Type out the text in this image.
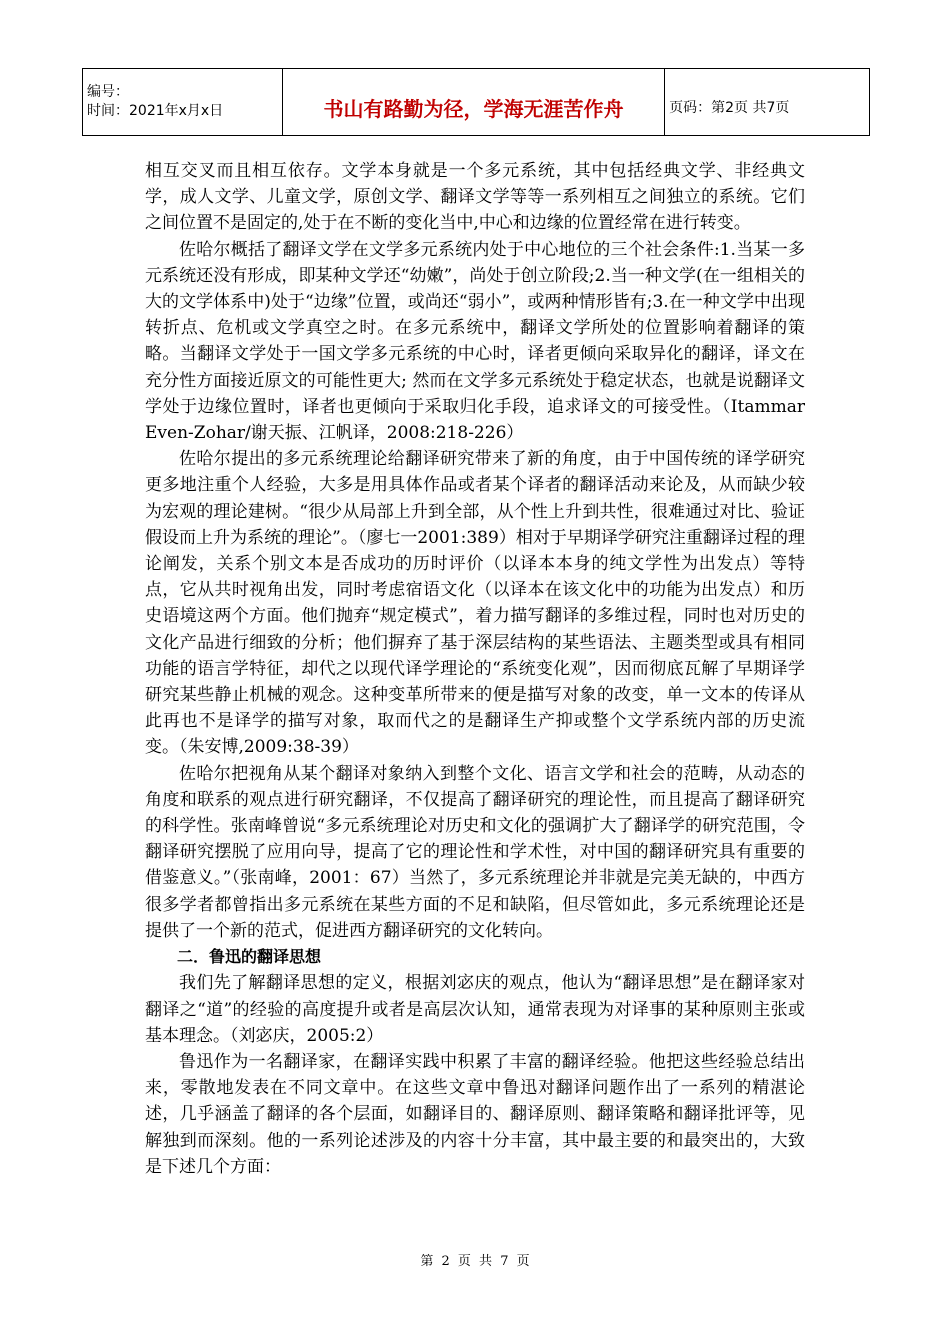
编号：
时间：2021年x月x日	书山有路勤为径，学海无涯苦作舟	页码：第2页 共7页

相互交叉而且相互依存。文学本身就是一个多元系统，其中包括经典文学、非经典文学，成人文学、儿童文学，原创文学、翻译文学等等一系列相互之间独立的系统。它们之间位置不是固定的,处于在不断的变化当中,中心和边缘的位置经常在进行转变。

佐哈尔概括了翻译文学在文学多元系统内处于中心地位的三个社会条件:1.当某一多元系统还没有形成，即某种文学还“幼嫩”，尚处于创立阶段;2.当一种文学(在一组相关的大的文学体系中)处于“边缘”位置，或尚还“弱小”，或两种情形皆有;3.在一种文学中出现转折点、危机或文学真空之时。在多元系统中，翻译文学所处的位置影响着翻译的策略。当翻译文学处于一国文学多元系统的中心时，译者更倾向采取异化的翻译，译文在充分性方面接近原文的可能性更大; 然而在文学多元系统处于稳定状态，也就是说翻译文学处于边缘位置时，译者也更倾向于采取归化手段，追求译文的可接受性。（Itammar Even-Zohar/谢天振、江帆译，2008:218-226）

佐哈尔提出的多元系统理论给翻译研究带来了新的角度，由于中国传统的译学研究更多地注重个人经验，大多是用具体作品或者某个译者的翻译活动来论及，从而缺少较为宏观的理论建树。“很少从局部上升到全部，从个性上升到共性，很难通过对比、验证假设而上升为系统的理论”。（廖七一2001:389）相对于早期译学研究注重翻译过程的理论阐发，关系个别文本是否成功的历时评价（以译本本身的纯文学性为出发点）等特点，它从共时视角出发，同时考虑宿语文化（以译本在该文化中的功能为出发点）和历史语境这两个方面。他们抛弃“规定模式”，着力描写翻译的多维过程，同时也对历史的文化产品进行细致的分析；他们摒弃了基于深层结构的某些语法、主题类型或具有相同功能的语言学特征，却代之以现代译学理论的“系统变化观”，因而彻底瓦解了早期译学研究某些静止机械的观念。这种变革所带来的便是描写对象的改变，单一文本的传译从此再也不是译学的描写对象，取而代之的是翻译生产抑或整个文学系统内部的历史流变。（朱安博,2009:38-39）

佐哈尔把视角从某个翻译对象纳入到整个文化、语言文学和社会的范畴，从动态的角度和联系的观点进行研究翻译，不仅提高了翻译研究的理论性，而且提高了翻译研究的科学性。张南峰曾说“多元系统理论对历史和文化的强调扩大了翻译学的研究范围，令翻译研究摆脱了应用向导，提高了它的理论性和学术性，对中国的翻译研究具有重要的借鉴意义。”（张南峰，2001：67）当然了，多元系统理论并非就是完美无缺的，中西方很多学者都曾指出多元系统在某些方面的不足和缺陷，但尽管如此，多元系统理论还是提供了一个新的范式，促进西方翻译研究的文化转向。

二．鲁迅的翻译思想

我们先了解翻译思想的定义，根据刘宓庆的观点，他认为“翻译思想”是在翻译家对翻译之“道”的经验的高度提升或者是高层次认知，通常表现为对译事的某种原则主张或基本理念。（刘宓庆，2005:2）

鲁迅作为一名翻译家，在翻译实践中积累了丰富的翻译经验。他把这些经验总结出来，零散地发表在不同文章中。在这些文章中鲁迅对翻译问题作出了一系列的精湛论述，几乎涵盖了翻译的各个层面，如翻译目的、翻译原则、翻译策略和翻译批评等，见解独到而深刻。他的一系列论述涉及的内容十分丰富，其中最主要的和最突出的，大致是下述几个方面：

第 2 页 共 7 页
